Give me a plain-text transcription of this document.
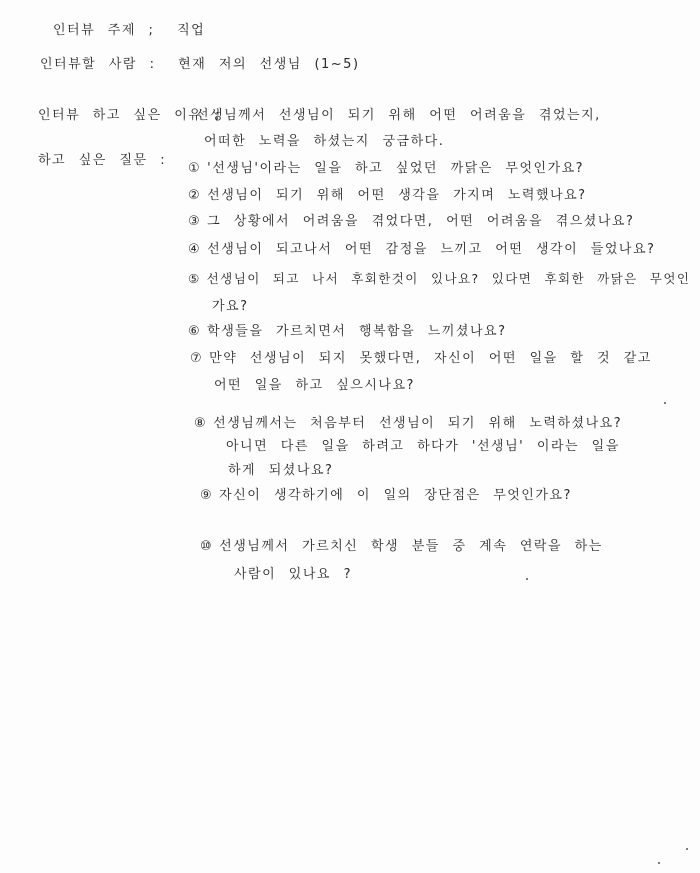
인터뷰 주제 ; 직업
인터뷰할 사람 : 현재 저의 선생님 (1~5)
인터뷰 하고 싶은 이유 ;
선생님께서 선생님이 되기 위해 어떤 어려움을 겪었는지,
어떠한 노력을 하셨는지 궁금하다.
하고 싶은 질문 :
① '선생님'이라는 일을 하고 싶었던 까닭은 무엇인가요?
② 선생님이 되기 위해 어떤 생각을 가지며 노력했나요?
③ 그 상황에서 어려움을 겪었다면, 어떤 어려움을 겪으셨나요?
④ 선생님이 되고나서 어떤 감정을 느끼고 어떤 생각이 들었나요?
⑤ 선생님이 되고 나서 후회한것이 있나요? 있다면 후회한 까닭은 무엇인
가요?
⑥ 학생들을 가르치면서 행복함을 느끼셨나요?
⑦ 만약 선생님이 되지 못했다면, 자신이 어떤 일을 할 것 같고
어떤 일을 하고 싶으시나요?
⑧ 선생님께서는 처음부터 선생님이 되기 위해 노력하셨나요?
아니면 다른 일을 하려고 하다가 '선생님' 이라는 일을
하게 되셨나요?
⑨ 자신이 생각하기에 이 일의 장단점은 무엇인가요?
⑩ 선생님께서 가르치신 학생 분들 중 계속 연락을 하는
사람이 있나요 ?
